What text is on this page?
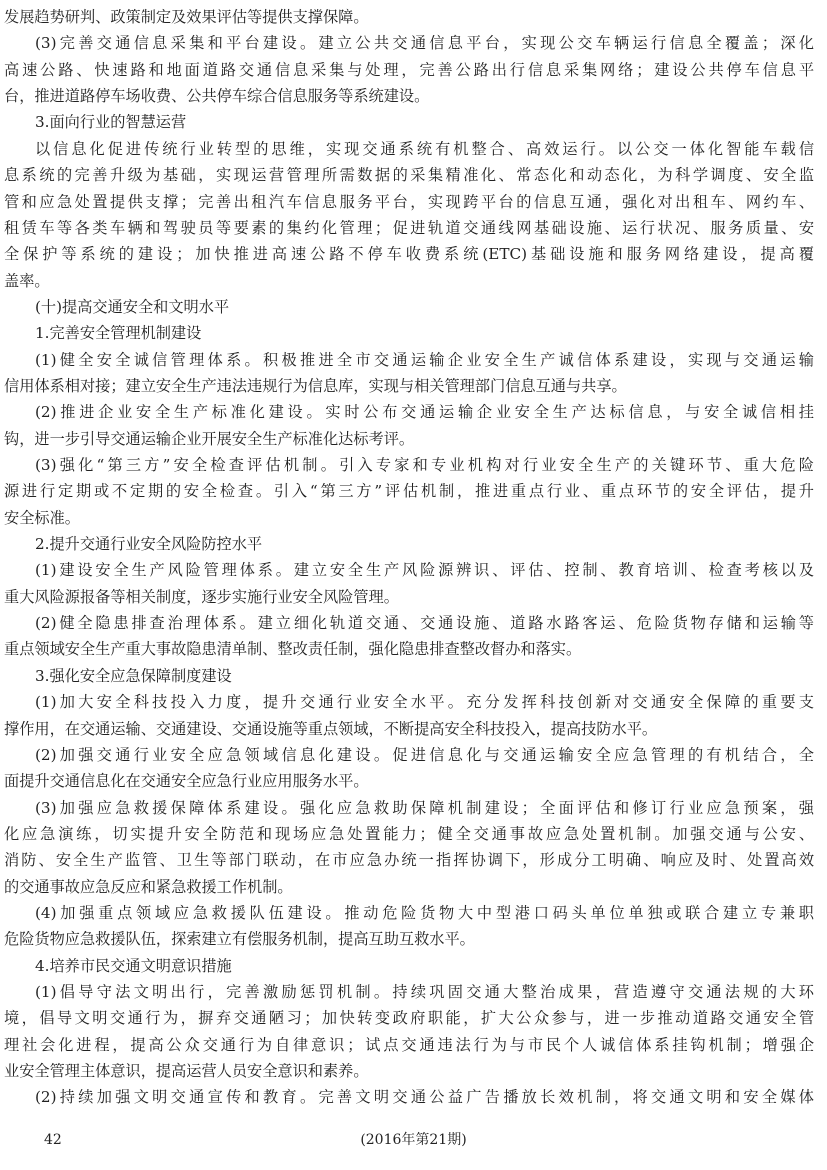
发展趋势研判、政策制定及效果评估等提供支撑保障。
(3)完善交通信息采集和平台建设。建立公共交通信息平台，实现公交车辆运行信息全覆盖；深化
高速公路、快速路和地面道路交通信息采集与处理，完善公路出行信息采集网络；建设公共停车信息平
台，推进道路停车场收费、公共停车综合信息服务等系统建设。
3.面向行业的智慧运营
以信息化促进传统行业转型的思维，实现交通系统有机整合、高效运行。以公交一体化智能车载信
息系统的完善升级为基础，实现运营管理所需数据的采集精准化、常态化和动态化，为科学调度、安全监
管和应急处置提供支撑；完善出租汽车信息服务平台，实现跨平台的信息互通，强化对出租车、网约车、
租赁车等各类车辆和驾驶员等要素的集约化管理；促进轨道交通线网基础设施、运行状况、服务质量、安
全保护等系统的建设；加快推进高速公路不停车收费系统(ETC)基础设施和服务网络建设，提高覆
盖率。
(十)提高交通安全和文明水平
1.完善安全管理机制建设
(1)健全安全诚信管理体系。积极推进全市交通运输企业安全生产诚信体系建设，实现与交通运输
信用体系相对接；建立安全生产违法违规行为信息库，实现与相关管理部门信息互通与共享。
(2)推进企业安全生产标准化建设。实时公布交通运输企业安全生产达标信息，与安全诚信相挂
钩，进一步引导交通运输企业开展安全生产标准化达标考评。
(3)强化“第三方”安全检查评估机制。引入专家和专业机构对行业安全生产的关键环节、重大危险
源进行定期或不定期的安全检查。引入“第三方”评估机制，推进重点行业、重点环节的安全评估，提升
安全标准。
2.提升交通行业安全风险防控水平
(1)建设安全生产风险管理体系。建立安全生产风险源辨识、评估、控制、教育培训、检查考核以及
重大风险源报备等相关制度，逐步实施行业安全风险管理。
(2)健全隐患排查治理体系。建立细化轨道交通、交通设施、道路水路客运、危险货物存储和运输等
重点领域安全生产重大事故隐患清单制、整改责任制，强化隐患排查整改督办和落实。
3.强化安全应急保障制度建设
(1)加大安全科技投入力度，提升交通行业安全水平。充分发挥科技创新对交通安全保障的重要支
撑作用，在交通运输、交通建设、交通设施等重点领域，不断提高安全科技投入，提高技防水平。
(2)加强交通行业安全应急领域信息化建设。促进信息化与交通运输安全应急管理的有机结合，全
面提升交通信息化在交通安全应急行业应用服务水平。
(3)加强应急救援保障体系建设。强化应急救助保障机制建设；全面评估和修订行业应急预案，强
化应急演练，切实提升安全防范和现场应急处置能力；健全交通事故应急处置机制。加强交通与公安、
消防、安全生产监管、卫生等部门联动，在市应急办统一指挥协调下，形成分工明确、响应及时、处置高效
的交通事故应急反应和紧急救援工作机制。
(4)加强重点领域应急救援队伍建设。推动危险货物大中型港口码头单位单独或联合建立专兼职
危险货物应急救援队伍，探索建立有偿服务机制，提高互助互救水平。
4.培养市民交通文明意识措施
(1)倡导守法文明出行，完善激励惩罚机制。持续巩固交通大整治成果，营造遵守交通法规的大环
境，倡导文明交通行为，摒弃交通陋习；加快转变政府职能，扩大公众参与，进一步推动道路交通安全管
理社会化进程，提高公众交通行为自律意识；试点交通违法行为与市民个人诚信体系挂钩机制；增强企
业安全管理主体意识，提高运营人员安全意识和素养。
(2)持续加强文明交通宣传和教育。完善文明交通公益广告播放长效机制，将交通文明和安全媒体
42	(2016年第21期)
